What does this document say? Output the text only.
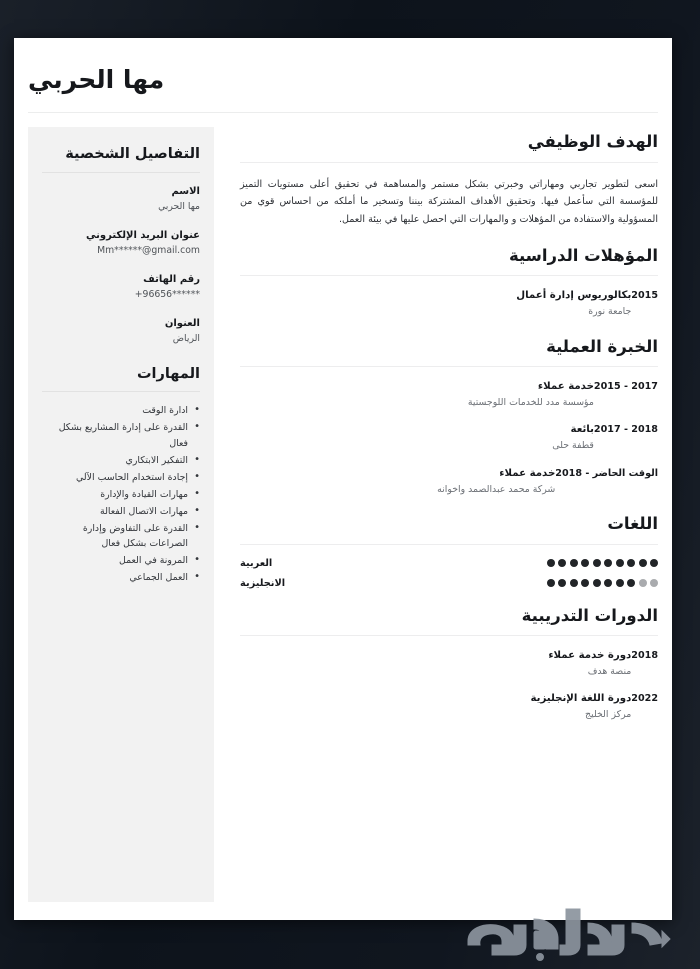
مها الحربي
الهدف الوظيفي
اسعى لتطوير تجاربي ومهاراتي وخبرتي بشكل مستمر والمساهمة في تحقيق أعلى مستويات التميز للمؤسسة التي سأعمل فيها. وتحقيق الأهداف المشتركة بيننا وتسخير ما أملكه من احساس قوي من المسؤولية والاستفادة من المؤهلات و والمهارات التي احصل عليها في بيئة العمل.
المؤهلات الدراسية
بكالوريوس إدارة أعمال
جامعة نورة
2015
الخبرة العملية
خدمة عملاء
مؤسسة مدد للخدمات اللوجستية
2015 - 2017
بائعة
قطفة حلى
2017 - 2018
خدمة عملاء
شركة محمد عبدالصمد واخوانه
الوقت الحاضر - 2018
اللغات
العربية
الانجليزية
الدورات التدريبية
دورة خدمة عملاء
منصة هدف
2018
دورة اللغة الإنجليزية
مركز الخليج
2022
التفاصيل الشخصية
الاسم
مها الحربي
عنوان البريد الإلكتروني
Mm******@gmail.com
رقم الهاتف
+96656******
العنوان
الرياض
المهارات
• ادارة الوقت
• القدرة على إدارة المشاريع بشكل فعال
• التفكير الابتكاري
• إجادة استخدام الحاسب الآلي
• مهارات القيادة والإدارة
• مهارات الاتصال الفعالة
• القدرة على التفاوض وإدارة الصراعات بشكل فعال
• المرونة في العمل
• العمل الجماعي
